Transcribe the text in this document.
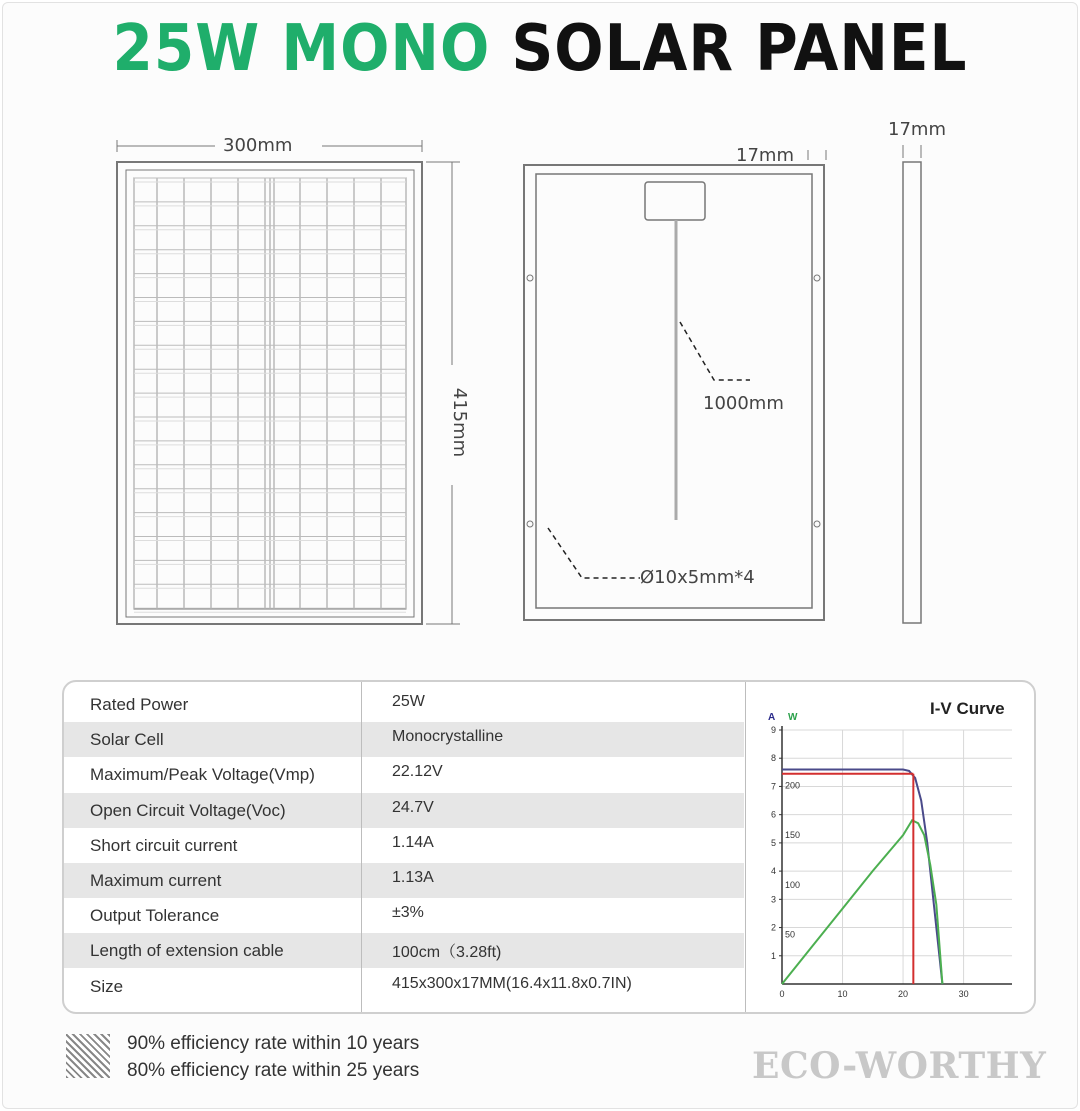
25W MONO SOLAR PANEL
300mm
415mm
17mm
17mm
1000mm
Ø10x5mm*4
Rated Power	25W
Solar Cell	Monocrystalline
Maximum/Peak Voltage(Vmp)	22.12V
Open Circuit Voltage(Voc)	24.7V
Short circuit current	1.14A
Maximum current	1.13A
Output Tolerance	±3%
Length of extension cable	100cm（3.28ft)
Size	415x300x17MM(16.4x11.8x0.7IN)
I-V Curve
A W
1
2
3
4
5
6
7
8
9
50
100
150
200
0	10	20	30
90% efficiency rate within 10 years
80% efficiency rate within 25 years	ECO-WORTHY
